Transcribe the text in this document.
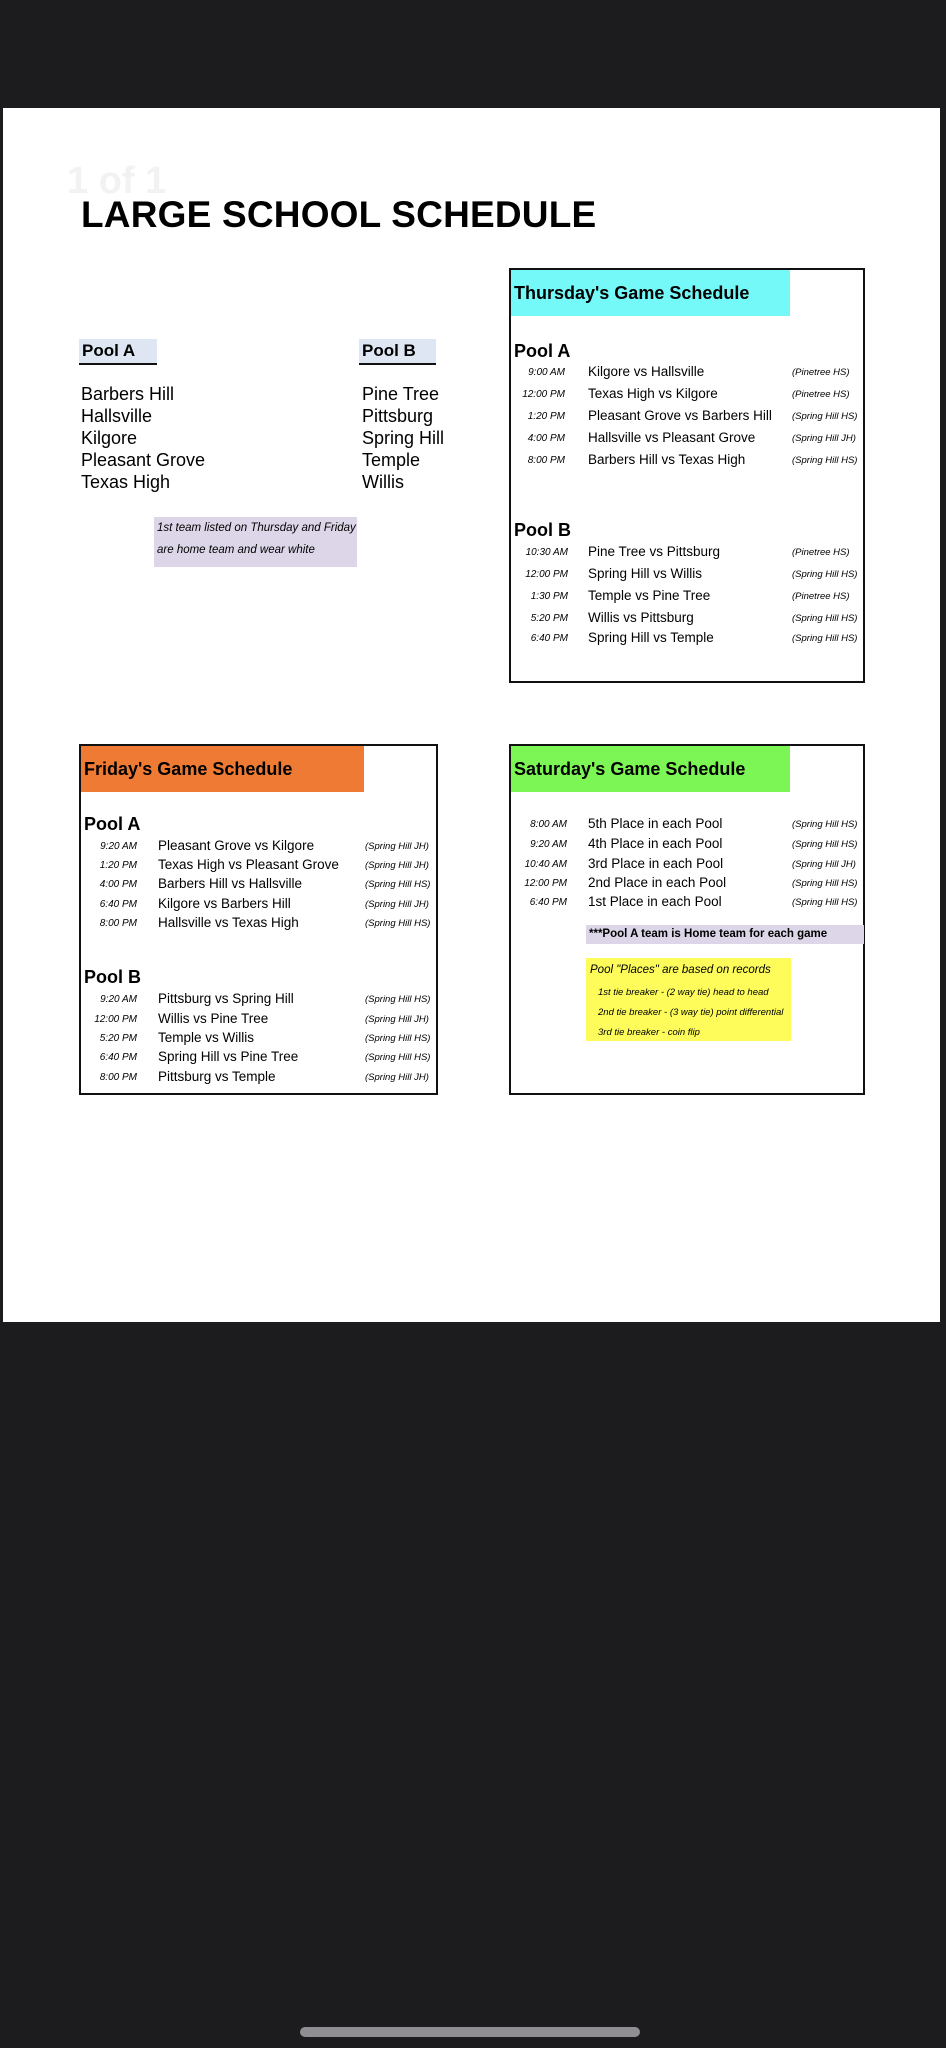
1 of 1
LARGE SCHOOL SCHEDULE
Pool A	Pool B
Barbers Hill
Hallsville
Kilgore
Pleasant Grove
Texas High
Pine Tree
Pittsburg
Spring Hill
Temple
Willis
1st team listed on Thursday and Friday
are home team and wear white
Thursday's Game Schedule
Pool A
9:00 AM Kilgore vs Hallsville	(Pinetree HS)
12:00 PM Texas High vs Kilgore	(Pinetree HS)
1:20 PM Pleasant Grove vs Barbers Hill (Spring Hill HS)
4:00 PM Hallsville vs Pleasant Grove	(Spring Hill JH)
8:00 PM Barbers Hill vs Texas High	(Spring Hill HS)
Pool B
10:30 AM Pine Tree vs Pittsburg	(Pinetree HS)
12:00 PM Spring Hill vs Willis	(Spring Hill HS)
1:30 PM Temple vs Pine Tree	(Pinetree HS)
5:20 PM Willis vs Pittsburg	(Spring Hill HS)
6:40 PM Spring Hill vs Temple	(Spring Hill HS)
Friday's Game Schedule
Pool A
9:20 AM Pleasant Grove vs Kilgore	(Spring Hill JH)
1:20 PM Texas High vs Pleasant Grove	(Spring Hill JH)
4:00 PM Barbers Hill vs Hallsville	(Spring Hill HS)
6:40 PM Kilgore vs Barbers Hill	(Spring Hill JH)
8:00 PM Hallsville vs Texas High	(Spring Hill HS)
Pool B
9:20 AM Pittsburg vs Spring Hill	(Spring Hill HS)
12:00 PM Willis vs Pine Tree	(Spring Hill JH)
5:20 PM Temple vs Willis	(Spring Hill HS)
6:40 PM Spring Hill vs Pine Tree	(Spring Hill HS)
8:00 PM Pittsburg vs Temple	(Spring Hill JH)
Saturday's Game Schedule
8:00 AM 5th Place in each Pool	(Spring Hill HS)
9:20 AM 4th Place in each Pool	(Spring Hill HS)
10:40 AM 3rd Place in each Pool	(Spring Hill JH)
12:00 PM 2nd Place in each Pool	(Spring Hill HS)
6:40 PM 1st Place in each Pool	(Spring Hill HS)
***Pool A team is Home team for each game
Pool "Places" are based on records
1st tie breaker - (2 way tie) head to head
2nd tie breaker - (3 way tie) point differential
3rd tie breaker - coin flip
